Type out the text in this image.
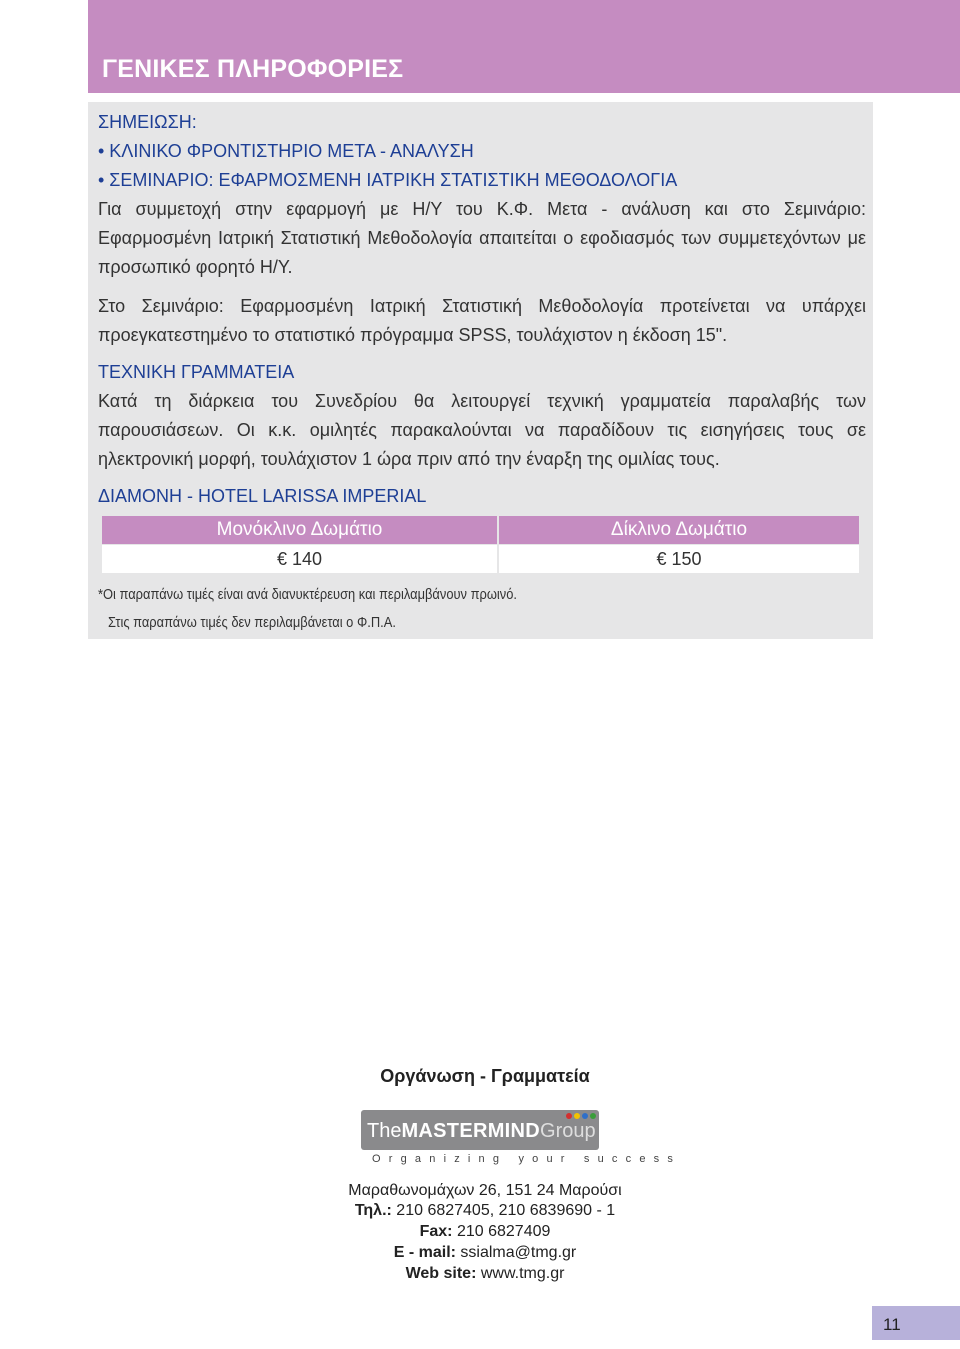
ΓΕΝΙΚΕΣ ΠΛΗΡΟΦΟΡΙΕΣ

ΣΗΜΕΙΩΣΗ:

• ΚΛΙΝΙΚΟ ΦΡΟΝΤΙΣΤΗΡΙΟ ΜΕΤΑ - ΑΝΑΛΥΣΗ

• ΣΕΜΙΝΑΡΙΟ: ΕΦΑΡΜΟΣΜΕΝΗ ΙΑΤΡΙΚΗ ΣΤΑΤΙΣΤΙΚΗ ΜΕΘΟΔΟΛΟΓΙΑ

Για συμμετοχή στην εφαρμογή με Η/Υ του Κ.Φ. Μετα - ανάλυση και στο Σεμινάριο: Εφαρμοσμένη Ιατρική Στατιστική Μεθοδολογία απαιτείται ο εφοδιασμός των συμμετεχόντων με προσωπικό φορητό Η/Υ.

Στο Σεμινάριο: Εφαρμοσμένη Ιατρική Στατιστική Μεθοδολογία προτείνεται να υπάρχει προεγκατεστημένο το στατιστικό πρόγραμμα SPSS, τουλάχιστον η έκδοση 15".

ΤΕΧΝΙΚΗ ΓΡΑΜΜΑΤΕΙΑ

Κατά τη διάρκεια του Συνεδρίου θα λειτουργεί τεχνική γραμματεία παραλαβής των παρουσιάσεων. Οι κ.κ. ομιλητές παρακαλούνται να παραδίδουν τις εισηγήσεις τους σε ηλεκτρονική μορφή, τουλάχιστον 1 ώρα πριν από την έναρξη της ομιλίας τους.

ΔΙΑΜΟΝΗ - HOTEL LARISSA IMPERIAL

Μονόκλινο Δωμάτιο	Δίκλινο Δωμάτιο
€ 140	€ 150
*Οι παραπάνω τιμές είναι ανά διανυκτέρευση και περιλαμβάνουν πρωινό.
Στις παραπάνω τιμές δεν περιλαμβάνεται ο Φ.Π.Α.
Οργάνωση - Γραμματεία
TheMASTERMINDGroup
Organizing your success
Μαραθωνομάχων 26, 151 24 Μαρούσι
Τηλ.: 210 6827405, 210 6839690 - 1
Fax: 210 6827409
E - mail: ssialma@tmg.gr
Web site: www.tmg.gr
11
